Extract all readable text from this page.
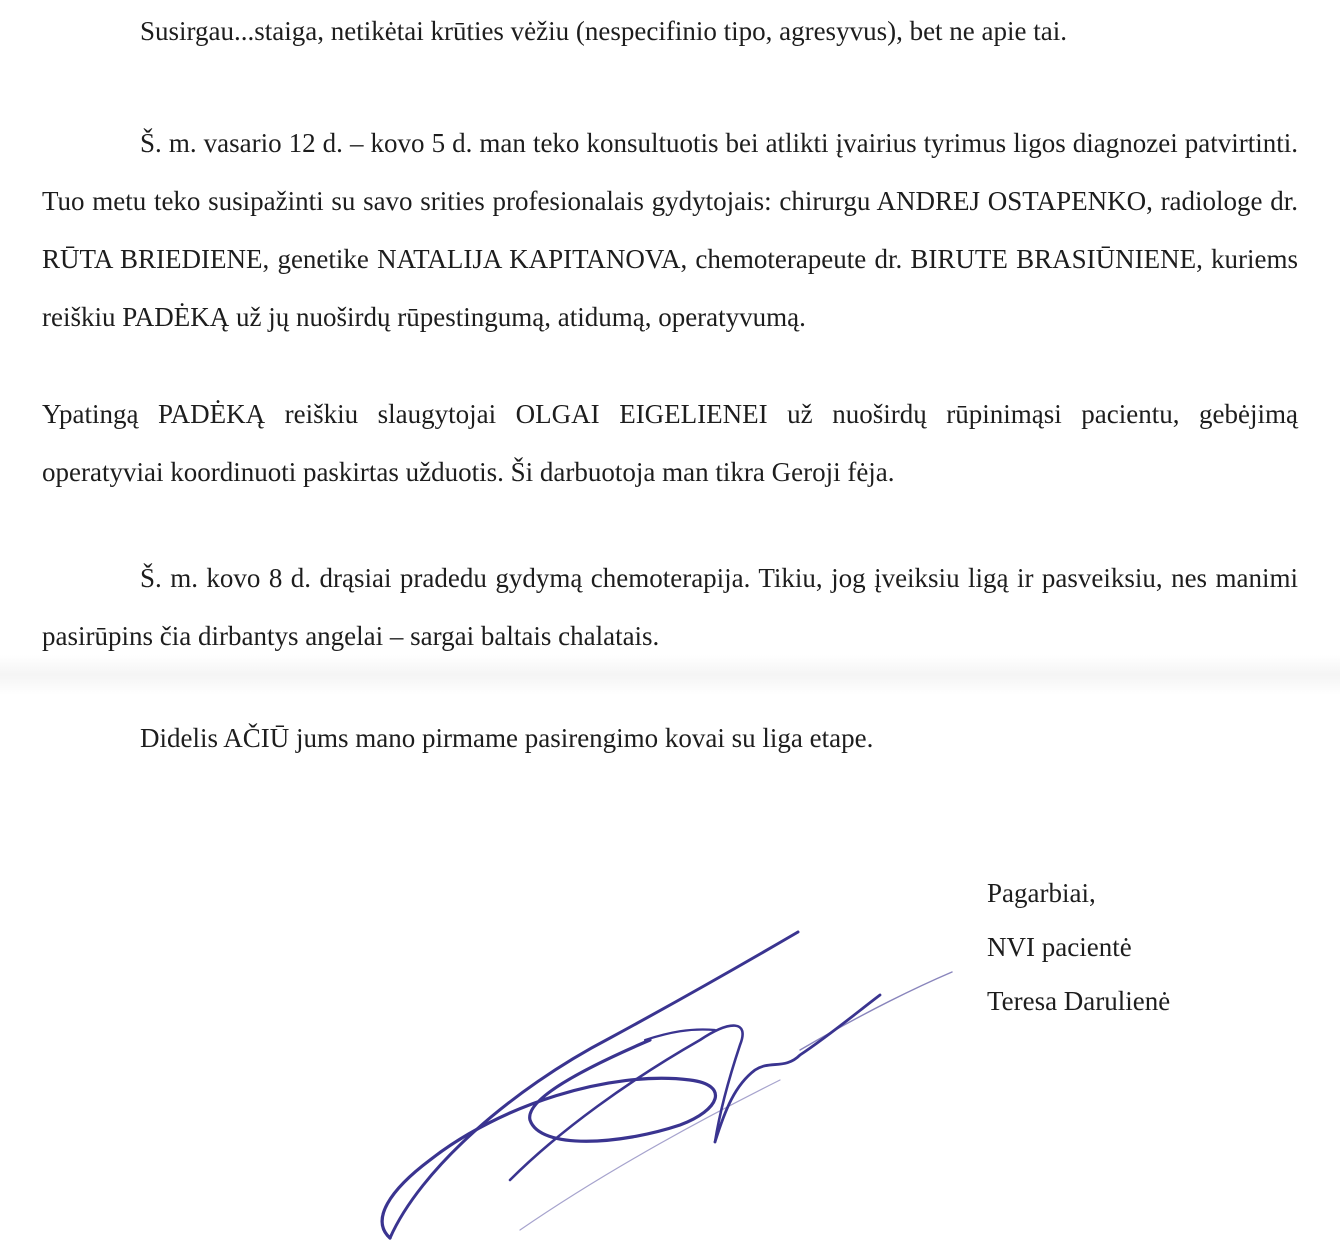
Susirgau...staiga, netikėtai krūties vėžiu (nespecifinio tipo, agresyvus), bet ne apie tai.

Š. m. vasario 12 d. – kovo 5 d. man teko konsultuotis bei atlikti įvairius tyrimus ligos diagnozei patvirtinti. Tuo metu teko susipažinti su savo srities profesionalais gydytojais: chirurgu ANDREJ OSTAPENKO, radiologe dr. RŪTA BRIEDIENE, genetike NATALIJA KAPITANOVA, chemoterapeute dr. BIRUTE BRASIŪNIENE, kuriems reiškiu PADĖKĄ už jų nuoširdų rūpestingumą, atidumą, operatyvumą.

Ypatingą PADĖKĄ reiškiu slaugytojai OLGAI EIGELIENEI už nuoširdų rūpinimąsi pacientu, gebėjimą operatyviai koordinuoti paskirtas užduotis. Ši darbuotoja man tikra Geroji fėja.

Š. m. kovo 8 d. drąsiai pradedu gydymą chemoterapija. Tikiu, jog įveiksiu ligą ir pasveiksiu, nes manimi pasirūpins čia dirbantys angelai – sargai baltais chalatais.

Didelis AČIŪ jums mano pirmame pasirengimo kovai su liga etape.

Pagarbiai,
NVI pacientė
Teresa Darulienė
